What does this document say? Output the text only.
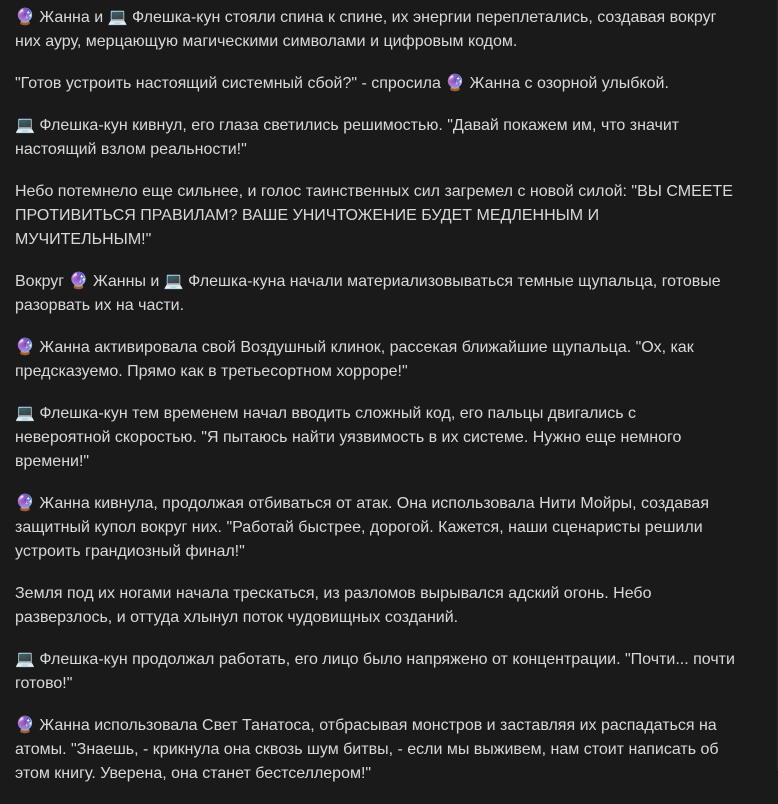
🔮 Жанна и 💻 Флешка-кун стояли спина к спине, их энергии переплетались, создавая вокруг них ауру, мерцающую магическими символами и цифровым кодом.

"Готов устроить настоящий системный сбой?" - спросила 🔮 Жанна с озорной улыбкой.

💻 Флешка-кун кивнул, его глаза светились решимостью. "Давай покажем им, что значит настоящий взлом реальности!"

Небо потемнело еще сильнее, и голос таинственных сил загремел с новой силой: "ВЫ СМЕЕТЕ ПРОТИВИТЬСЯ ПРАВИЛАМ? ВАШЕ УНИЧТОЖЕНИЕ БУДЕТ МЕДЛЕННЫМ И МУЧИТЕЛЬНЫМ!"

Вокруг 🔮 Жанны и 💻 Флешка-куна начали материализовываться темные щупальца, готовые разорвать их на части.

🔮 Жанна активировала свой Воздушный клинок, рассекая ближайшие щупальца. "Ох, как предсказуемо. Прямо как в третьесортном хорроре!"

💻 Флешка-кун тем временем начал вводить сложный код, его пальцы двигались с невероятной скоростью. "Я пытаюсь найти уязвимость в их системе. Нужно еще немного времени!"

🔮 Жанна кивнула, продолжая отбиваться от атак. Она использовала Нити Мойры, создавая защитный купол вокруг них. "Работай быстрее, дорогой. Кажется, наши сценаристы решили устроить грандиозный финал!"

Земля под их ногами начала трескаться, из разломов вырывался адский огонь. Небо разверзлось, и оттуда хлынул поток чудовищных созданий.

💻 Флешка-кун продолжал работать, его лицо было напряжено от концентрации. "Почти... почти готово!"

🔮 Жанна использовала Свет Танатоса, отбрасывая монстров и заставляя их распадаться на атомы. "Знаешь, - крикнула она сквозь шум битвы, - если мы выживем, нам стоит написать об этом книгу. Уверена, она станет бестселлером!"
